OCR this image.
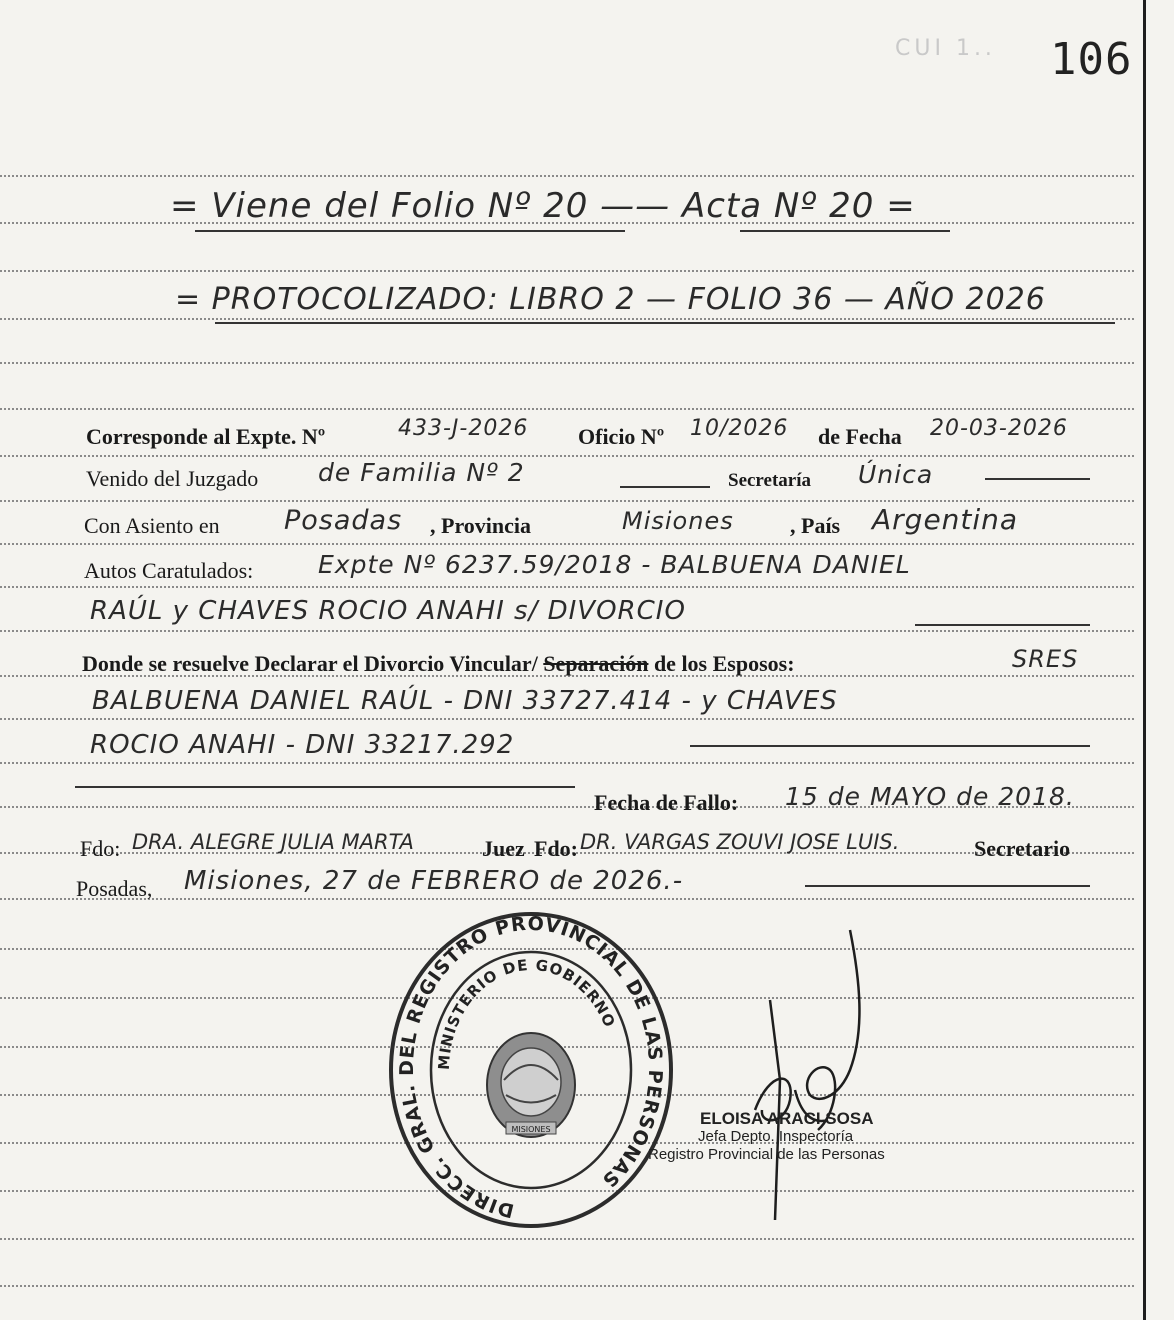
CUI 1.. 106
= Viene del Folio Nº 20 —— Acta Nº 20 =
= PROTOCOLIZADO: LIBRO 2 — FOLIO 36 — AÑO 2026
Corresponde al Expte. Nº	433-J-2026 Oficio Nº 10/2026 de Fecha 20-03-2026
Venido del Juzgado de Familia Nº 2	Secretaría Única
Con Asiento en Posadas , Provincia	Misiones	, País Argentina
Autos Caratulados:	Expte Nº 6237.59/2018 - BALBUENA DANIEL
RAÚL y CHAVES ROCIO ANAHI s/ DIVORCIO
Donde se resuelve Declarar el Divorcio Vincular/ Separación de los Esposos:	SRES
BALBUENA DANIEL RAÚL - DNI 33727.414 - y CHAVES
ROCIO ANAHI - DNI 33217.292
Fecha de Fallo: 15 de MAYO de 2018.
Fdo: DRA. ALEGRE JULIA MARTA	Juez Fdo: DR. VARGAS ZOUVI JOSE LUIS.	Secretario
Posadas, Misiones, 27 de FEBRERO de 2026.-
DIRECC. GRAL. DEL REGISTRO PROVINCIAL DE LAS PERSONAS
MINISTERIO DE GOBIERNO
MISIONES
ELOISA ARACI SOSA
Jefa Depto. Inspectoría
Registro Provincial de las Personas
